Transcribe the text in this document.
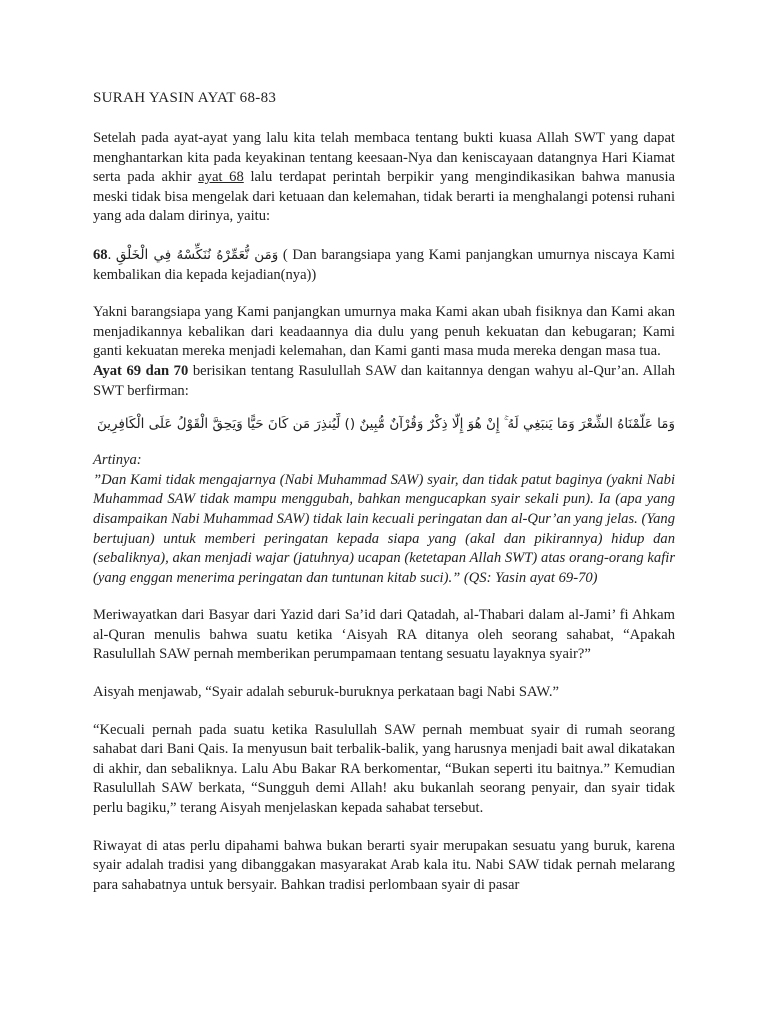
SURAH YASIN AYAT 68-83

Setelah pada ayat-ayat yang lalu kita telah membaca tentang bukti kuasa Allah SWT yang dapat menghantarkan kita pada keyakinan tentang keesaan-Nya dan keniscayaan datangnya Hari Kiamat serta pada akhir ayat 68 lalu terdapat perintah berpikir yang mengindikasikan bahwa manusia meski tidak bisa mengelak dari ketuaan dan kelemahan, tidak berarti ia menghalangi potensi ruhani yang ada dalam dirinya, yaitu:

68. وَمَن نُّعَمِّرْهُ نُنَكِّسْهُ فِي الْخَلْقِ ( Dan barangsiapa yang Kami panjangkan umurnya niscaya Kami kembalikan dia kepada kejadian(nya))

Yakni barangsiapa yang Kami panjangkan umurnya maka Kami akan ubah fisiknya dan Kami akan menjadikannya kebalikan dari keadaannya dia dulu yang penuh kekuatan dan kebugaran; Kami ganti kekuatan mereka menjadi kelemahan, dan Kami ganti masa muda mereka dengan masa tua.

Ayat 69 dan 70 berisikan tentang Rasulullah SAW dan kaitannya dengan wahyu al-Qur’an. Allah SWT berfirman:

وَمَا عَلَّمْنَاهُ الشِّعْرَ وَمَا يَنبَغِي لَهُ ۚ إِنْ هُوَ إِلَّا ذِكْرٌ وَقُرْآنٌ مُّبِينٌ () لِّيُنذِرَ مَن كَانَ حَيًّا وَيَحِقَّ الْقَوْلُ عَلَى الْكَافِرِينَ

Artinya:

”Dan Kami tidak mengajarnya (Nabi Muhammad SAW) syair, dan tidak patut baginya (yakni Nabi Muhammad SAW tidak mampu menggubah, bahkan mengucapkan syair sekali pun). Ia (apa yang disampaikan Nabi Muhammad SAW) tidak lain kecuali peringatan dan al-Qur’an yang jelas. (Yang bertujuan) untuk memberi peringatan kepada siapa yang (akal dan pikirannya) hidup dan (sebaliknya), akan menjadi wajar (jatuhnya) ucapan (ketetapan Allah SWT) atas orang-orang kafir (yang enggan menerima peringatan dan tuntunan kitab suci).” (QS: Yasin ayat 69-70)

Meriwayatkan dari Basyar dari Yazid dari Sa’id dari Qatadah, al-Thabari dalam al-Jami’ fi Ahkam al-Quran menulis bahwa suatu ketika ‘Aisyah RA ditanya oleh seorang sahabat, “Apakah Rasulullah SAW pernah memberikan perumpamaan tentang sesuatu layaknya syair?”

Aisyah menjawab, “Syair adalah seburuk-buruknya perkataan bagi Nabi SAW.”

“Kecuali pernah pada suatu ketika Rasulullah SAW pernah membuat syair di rumah seorang sahabat dari Bani Qais. Ia menyusun bait terbalik-balik, yang harusnya menjadi bait awal dikatakan di akhir, dan sebaliknya. Lalu Abu Bakar RA berkomentar, “Bukan seperti itu baitnya.” Kemudian Rasulullah SAW berkata, “Sungguh demi Allah! aku bukanlah seorang penyair, dan syair tidak perlu bagiku,” terang Aisyah menjelaskan kepada sahabat tersebut.

Riwayat di atas perlu dipahami bahwa bukan berarti syair merupakan sesuatu yang buruk, karena syair adalah tradisi yang dibanggakan masyarakat Arab kala itu. Nabi SAW tidak pernah melarang para sahabatnya untuk bersyair. Bahkan tradisi perlombaan syair di pasar
